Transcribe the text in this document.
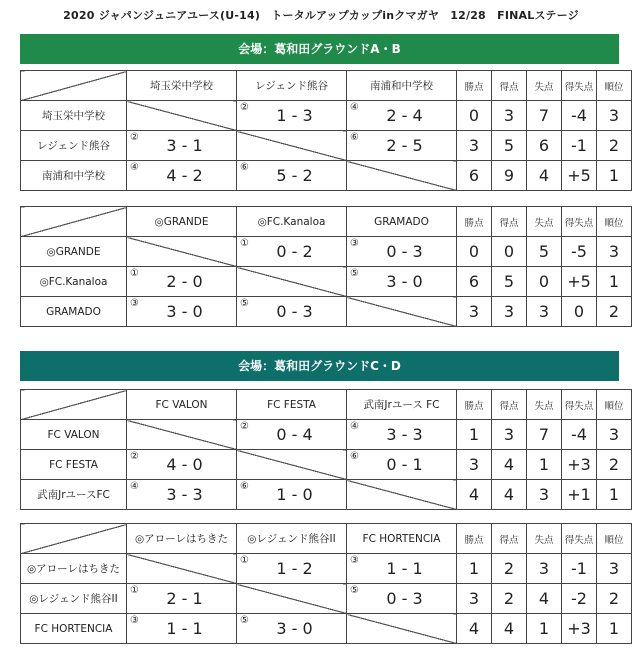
2020 ジャパンジュニアユース(U-14)　トータルアップカップinクマガヤ　12/28　FINALステージ
会場：葛和田グラウンドA・B
会場：葛和田グラウンドC・D
	埼玉栄中学校	レジェンド熊谷	南浦和中学校	勝点	得点	失点	得失点	順位
埼玉栄中学校		② 1 - 3	④ 2 - 4	0	3	7	-4	3
レジェンド熊谷	② 3 - 1		⑥ 2 - 5	3	5	6	-1	2
南浦和中学校	④ 4 - 2	⑥ 5 - 2		6	9	4	+5	1
	◎GRANDE	◎FC.Kanaloa	GRAMADO	勝点	得点	失点	得失点	順位
◎GRANDE		① 0 - 2	③ 0 - 3	0	0	5	-5	3
◎FC.Kanaloa	① 2 - 0		⑤ 3 - 0	6	5	0	+5	1
GRAMADO	③ 3 - 0	⑤ 0 - 3		3	3	3	0	2
	FC VALON	FC FESTA	武南Jrユース FC	勝点	得点	失点	得失点	順位
FC VALON		② 0 - 4	④ 3 - 3	1	3	7	-4	3
FC FESTA	② 4 - 0		⑥ 0 - 1	3	4	1	+3	2
武南JrユースFC	④ 3 - 3	⑥ 1 - 0		4	4	3	+1	1
	◎アローレはちきた	◎レジェンド熊谷II	FC HORTENCIA	勝点	得点	失点	得失点	順位
◎アローレはちきた		① 1 - 2	③ 1 - 1	1	2	3	-1	3
◎レジェンド熊谷II	① 2 - 1		⑤ 0 - 3	3	2	4	-2	2
FC HORTENCIA	③ 1 - 1	⑤ 3 - 0		4	4	1	+3	1
